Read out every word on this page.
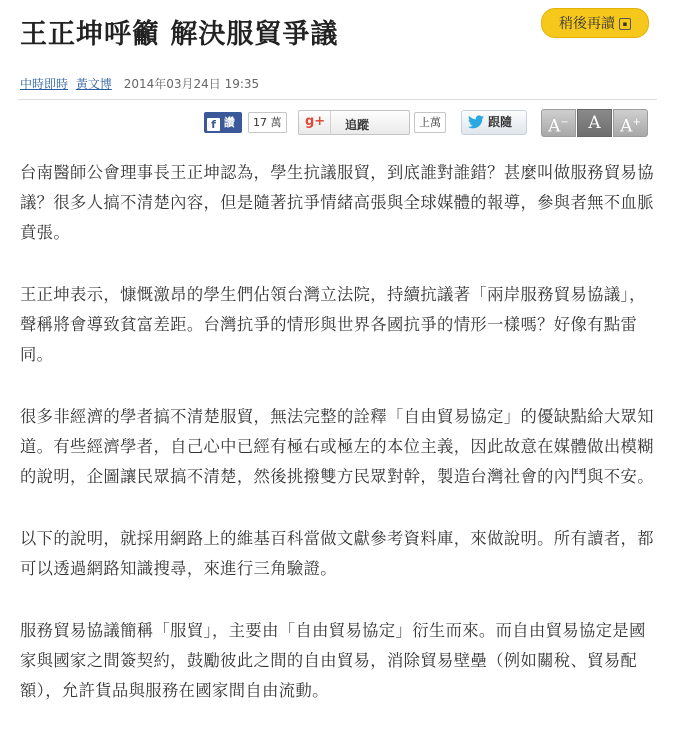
王正坤呼籲 解決服貿爭議	稍後再讀 ▪
中時即時 黃文博 2014年03月24日 19:35
f 讚	17 萬	g+ 追蹤	上萬	跟隨	A−	A	A+

台南醫師公會理事長王正坤認為，學生抗議服貿，到底誰對誰錯？甚麼叫做服務貿易協議？很多人搞不清楚內容，但是隨著抗爭情緒高張與全球媒體的報導，參與者無不血脈賁張。

王正坤表示，慷慨激昂的學生們佔領台灣立法院，持續抗議著「兩岸服務貿易協議」，聲稱將會導致貧富差距。台灣抗爭的情形與世界各國抗爭的情形一樣嗎？好像有點雷同。

很多非經濟的學者搞不清楚服貿，無法完整的詮釋「自由貿易協定」的優缺點給大眾知道。有些經濟學者，自己心中已經有極右或極左的本位主義，因此故意在媒體做出模糊的說明，企圖讓民眾搞不清楚，然後挑撥雙方民眾對幹，製造台灣社會的內鬥與不安。

以下的說明，就採用網路上的維基百科當做文獻參考資料庫，來做說明。所有讀者，都可以透過網路知識搜尋，來進行三角驗證。

服務貿易協議簡稱「服貿」，主要由「自由貿易協定」衍生而來。而自由貿易協定是國家與國家之間簽契約，鼓勵彼此之間的自由貿易，消除貿易壁壘（例如關稅、貿易配額），允許貨品與服務在國家間自由流動。
